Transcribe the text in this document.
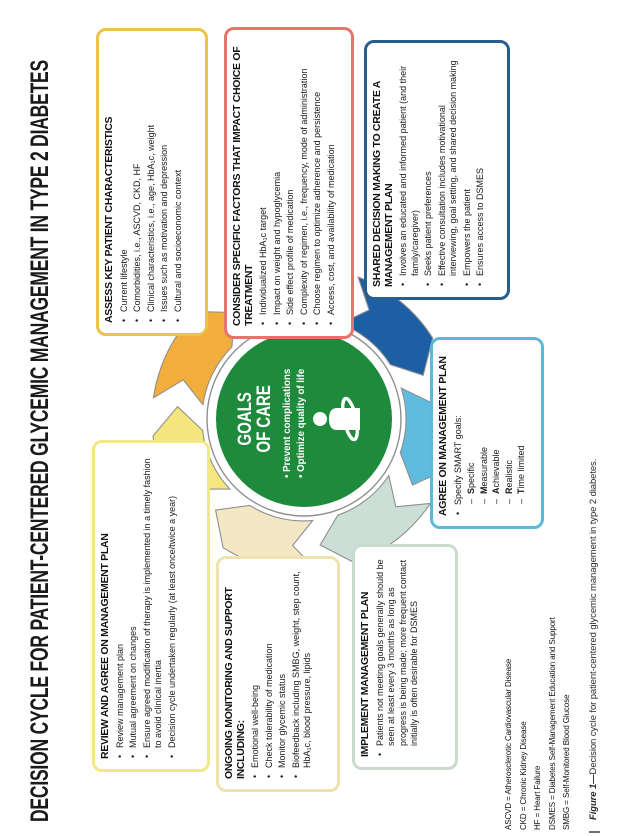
DECISION CYCLE FOR PATIENT-CENTERED GLYCEMIC MANAGEMENT IN TYPE 2 DIABETES	GOALS
OF CARE
•Prevent complications
•Optimize quality of life
ASSESS KEY PATIENT CHARACTERISTICS • Current lifestyle • Comorbidities, i.e., ASCVD, CKD, HF • Clinical characteristics, i.e., age, HbA₁c, weight • Issues such as motivation and depression • Cultural and socioeconomic context	CONSIDER SPECIFIC FACTORS THAT IMPACT CHOICE OF TREATMENT • Individualized HbA₁c target • Impact on weight and hypoglycemia • Side effect profile of medication • Complexity of regimen, i.e., frequency, mode of administration • Choose regimen to optimize adherence and persistence • Access, cost, and availability of medication	SHARED DECISION MAKING TO CREATE A MANAGEMENT PLAN • Involves an educated and informed patient (and their family/caregiver) • Seeks patient preferences • Effective consultation includes motivational interviewing, goal setting, and shared decision making • Empowers the patient • Ensures access to DSMES
AGREE ON MANAGEMENT PLAN • Specify SMART goals: – Specific
– Measurable
– Achievable
– Realistic
– Time limited
IMPLEMENT MANAGEMENT PLAN • Patients not meeting goals generally should be seen at least every 3 months as long as progress is being made; more frequent contact initially is often desirable for DSMES
ONGOING MONITORING AND SUPPORT INCLUDING: • Emotional well-being • Check tolerability of medication • Monitor glycemic status • Biofeedback including SMBG, weight, step count, HbA₁c, blood pressure, lipids
REVIEW AND AGREE ON MANAGEMENT PLAN • Review management plan • Mutual agreement on changes • Ensure agreed modification of therapy is implemented in a timely fashion to avoid clinical inertia • Decision cycle undertaken regularly (at least once/twice a year)	ASCVD = Atherosclerotic Cardiovascular Disease CKD = Chronic Kidney Disease HF = Heart Failure DSMES = Diabetes Self-Management Education and Support SMBG = Self-Monitored Blood Glucose	Figure 1—Decision cycle for patient-centered glycemic management in type 2 diabetes.
